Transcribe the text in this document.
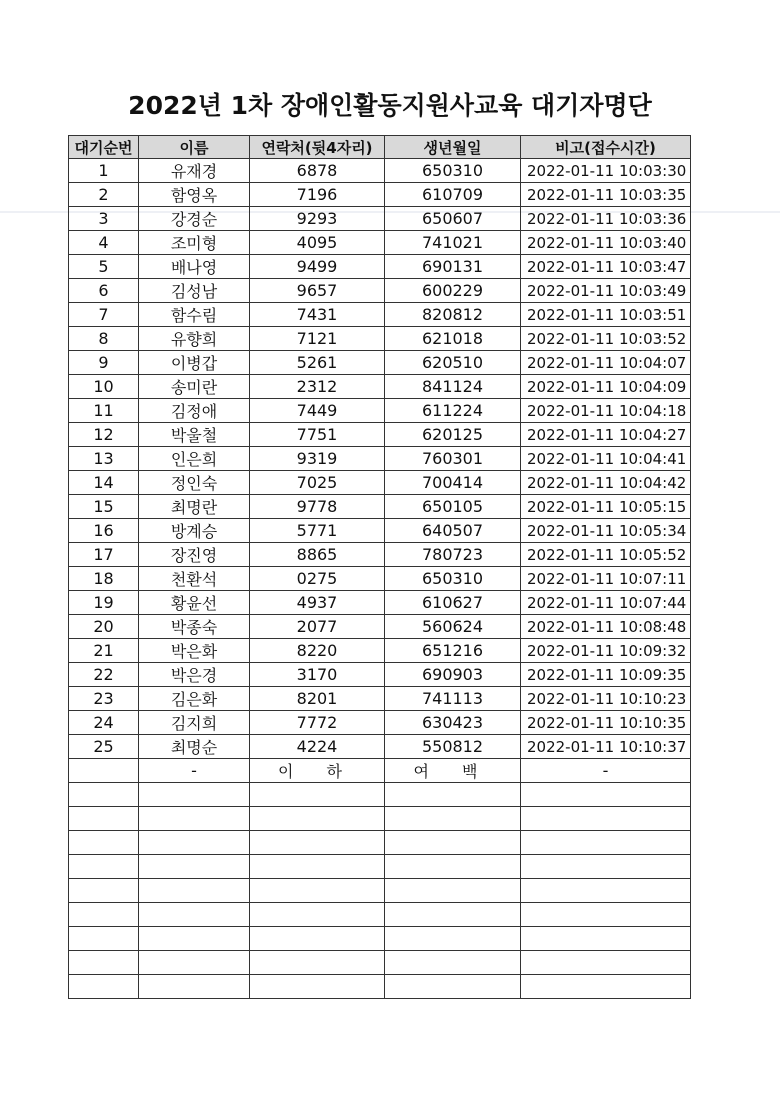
2022년 1차 장애인활동지원사교육 대기자명단
대기순번	이름	연락처(뒷4자리)	생년월일	비고(접수시간)
1	유재경	6878	650310	2022-01-11 10:03:30
2	함영옥	7196	610709	2022-01-11 10:03:35
3	강경순	9293	650607	2022-01-11 10:03:36
4	조미형	4095	741021	2022-01-11 10:03:40
5	배나영	9499	690131	2022-01-11 10:03:47
6	김성남	9657	600229	2022-01-11 10:03:49
7	함수림	7431	820812	2022-01-11 10:03:51
8	유향희	7121	621018	2022-01-11 10:03:52
9	이병갑	5261	620510	2022-01-11 10:04:07
10	송미란	2312	841124	2022-01-11 10:04:09
11	김정애	7449	611224	2022-01-11 10:04:18
12	박울철	7751	620125	2022-01-11 10:04:27
13	인은희	9319	760301	2022-01-11 10:04:41
14	정인숙	7025	700414	2022-01-11 10:04:42
15	최명란	9778	650105	2022-01-11 10:05:15
16	방계승	5771	640507	2022-01-11 10:05:34
17	장진영	8865	780723	2022-01-11 10:05:52
18	천환석	0275	650310	2022-01-11 10:07:11
19	황윤선	4937	610627	2022-01-11 10:07:44
20	박종숙	2077	560624	2022-01-11 10:08:48
21	박은화	8220	651216	2022-01-11 10:09:32
22	박은경	3170	690903	2022-01-11 10:09:35
23	김은화	8201	741113	2022-01-11 10:10:23
24	김지희	7772	630423	2022-01-11 10:10:35
25	최명순	4224	550812	2022-01-11 10:10:37
	-	이 하	여 백	-
